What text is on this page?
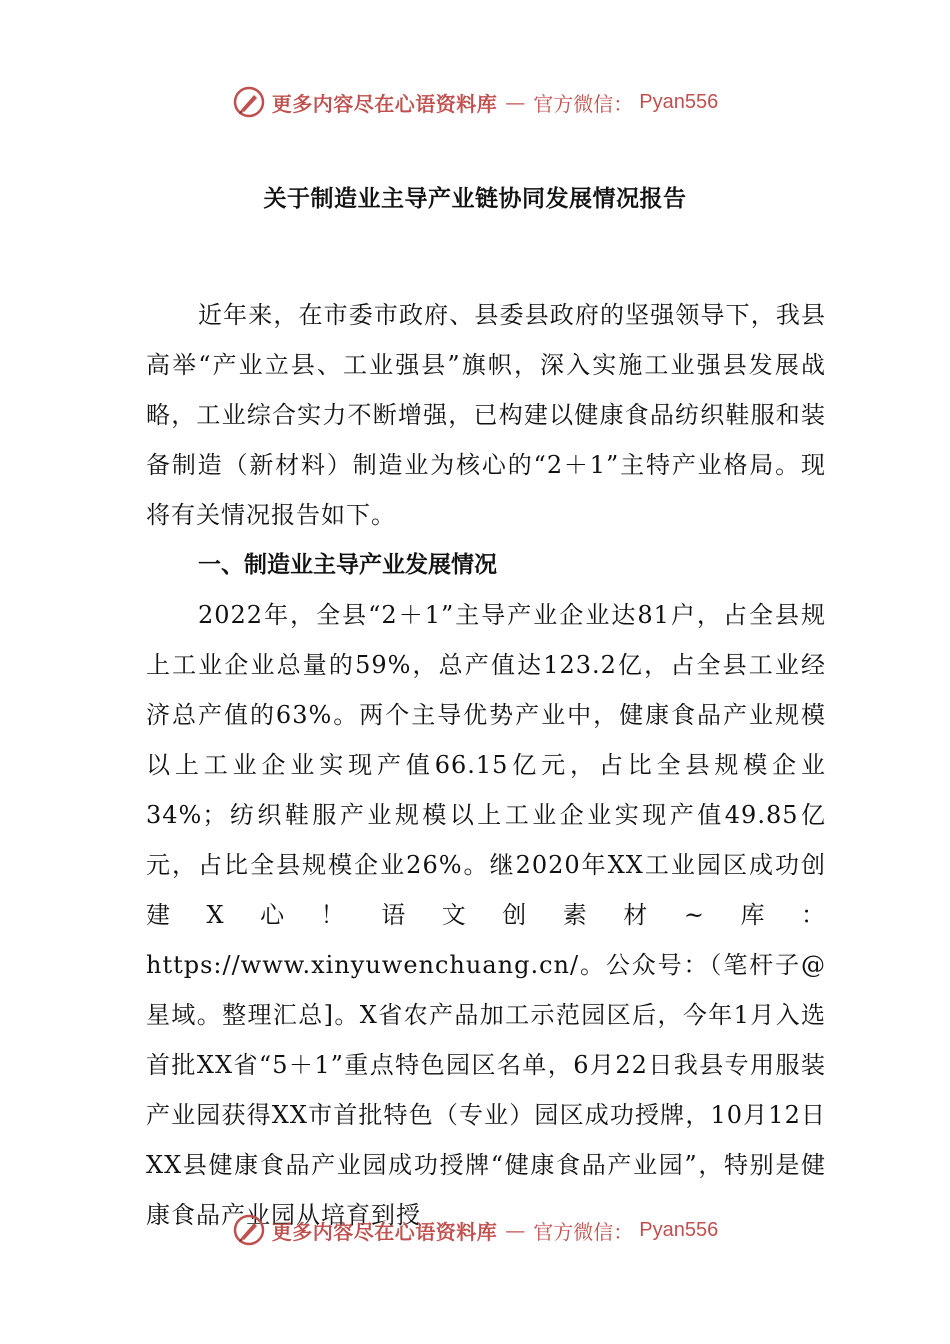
更多内容尽在心语资料库 — 官方微信： Pyan556
关于制造业主导产业链协同发展情况报告

近年来，在市委市政府、县委县政府的坚强领导下，我县高举“产业立县、工业强县”旗帜，深入实施工业强县发展战略，工业综合实力不断增强，已构建以健康食品纺织鞋服和装备制造（新材料）制造业为核心的“2＋1”主特产业格局。现将有关情况报告如下。

一、制造业主导产业发展情况

2022年，全县“2＋1”主导产业企业达81户，占全县规上工业企业总量的59%，总产值达123.2亿，占全县工业经济总产值的63%。两个主导优势产业中，健康食品产业规模以上工业企业实现产值66.15亿元，占比全县规模企业34%；纺织鞋服产业规模以上工业企业实现产值49.85亿元，占比全县规模企业26%。继2020年XX工业园区成功创建X心！语文创素材~库：https://www.xinyuwenchuang.cn/。公众号：（笔杆子@星域。整理汇总]。X省农产品加工示范园区后，今年1月入选首批XX省“5＋1”重点特色园区名单，6月22日我县专用服装产业园获得XX市首批特色（专业）园区成功授牌，10月12日XX县健康食品产业园成功授牌“健康食品产业园”，特别是健康食品产业园从培育到授

更多内容尽在心语资料库 — 官方微信： Pyan556
